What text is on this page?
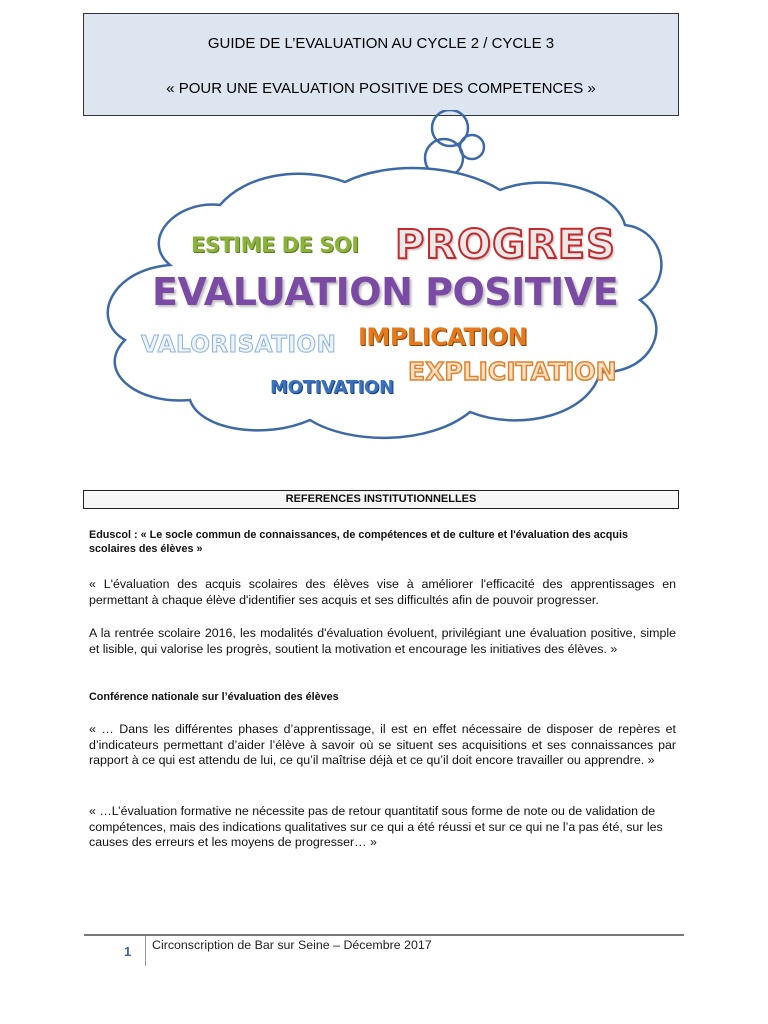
GUIDE DE L’EVALUATION AU CYCLE 2 / CYCLE 3
« POUR UNE EVALUATION POSITIVE DES COMPETENCES »
ESTIME DE SOI PROGRES
EVALUATION POSITIVE
VALORISATION IMPLICATION
EXPLICITATION
MOTIVATION
REFERENCES INSTITUTIONNELLES
Eduscol : « Le socle commun de connaissances, de compétences et de culture et l'évaluation des acquis scolaires des élèves »
« L'évaluation des acquis scolaires des élèves vise à améliorer l'efficacité des apprentissages en permettant à chaque élève d'identifier ses acquis et ses difficultés afin de pouvoir progresser.
A la rentrée scolaire 2016, les modalités d'évaluation évoluent, privilégiant une évaluation positive, simple et lisible, qui valorise les progrès, soutient la motivation et encourage les initiatives des élèves. »
Conférence nationale sur l’évaluation des élèves
« … Dans les différentes phases d’apprentissage, il est en effet nécessaire de disposer de repères et d’indicateurs permettant d’aider l’élève à savoir où se situent ses acquisitions et ses connaissances par rapport à ce qui est attendu de lui, ce qu’il maîtrise déjà et ce qu’il doit encore travailler ou apprendre. »
« …L’évaluation formative ne nécessite pas de retour quantitatif sous forme de note ou de validation de compétences, mais des indications qualitatives sur ce qui a été réussi et sur ce qui ne l’a pas été, sur les causes des erreurs et les moyens de progresser… »
1 Circonscription de Bar sur Seine – Décembre 2017
